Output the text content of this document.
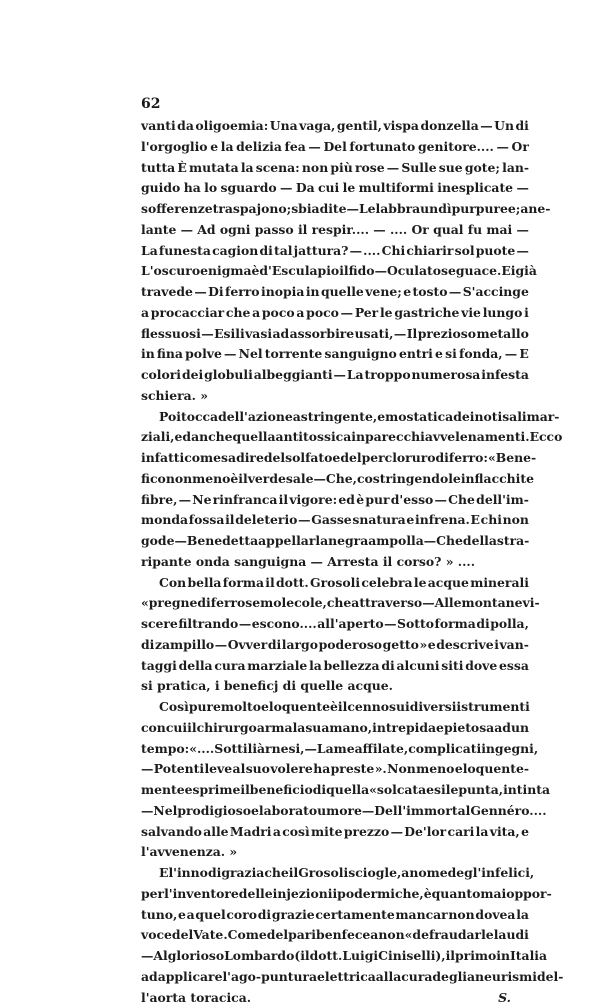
62
vanti da oligoemia: Una vaga, gentil, vispa donzella — Un di
l'orgoglio e la delizia fea — Del fortunato genitore.... — Or
tutta È mutata la scena: non più rose — Sulle sue gote; lan-
guido ha lo sguardo — Da cui le multiformi inesplicate —
sofferenze traspajono; sbiadite — Le labbra un dì purpuree; ane-
lante — Ad ogni passo il respir.... — .... Or qual fu mai —
La funesta cagion di tal jattura? — .... Chi chiarir sol puote —
L'oscuro enigma è d'Esculapio il fido — Oculato seguace. Ei già
travede — Di ferro inopia in quelle vene; e tosto — S'accinge
a procacciar che a poco a poco — Per le gastriche vie lungo i
flessuosi — Esili vasi ad assorbire usati, — Il prezioso metallo
in fina polve — Nel torrente sanguigno entri e si fonda, — E
colori dei globuli albeggianti — La troppo numerosa infesta
schiera. »
Poi tocca dell'azione astringente, emostatica dei noti sali mar-
ziali, ed anche quella antitossica in parecchi avvelenamenti. Ecco
infatti come sa dire del solfato e del percloruro di ferro: « Bene-
fico non meno è il verde sale — Che, costringendo le inflacchite
fibre, — Ne rinfranca il vigore: ed è pur d'esso — Che dell'im-
monda fossa il deleterio — Gasse snatura e infrena. E chi non
gode — Benedetta appellar la negra ampolla — Che della stra-
ripante onda sanguigna — Arresta il corso? » ....
Con bella forma il dott. Grosoli celebra le acque minerali
« pregne di ferrose molecole, che attraverso — Alle montane vi-
scere filtrando — escono.... all'aperto — Sotto forma di polla,
di zampillo — Ovver di largo poderoso getto » e descrive i van-
taggi della cura marziale la bellezza di alcuni siti dove essa
si pratica, i beneficj di quelle acque.
Così pure molto eloquente è il cenno sui diversi istrumenti
con cui il chirurgo arma la sua mano, intrepida e pietosa ad un
tempo: « .... Sottili àrnesi, — Lame affilate, complicati ingegni,
— Potenti leve al suo volere ha preste ». Non meno eloquente-
mente esprime il beneficio di quella « solcata esile punta, intinta
— Nel prodigioso elaborato umore — Dell'immortal Gennéro....
salvando alle Madri a così mite prezzo — De'lor cari la vita, e
l'avvenenza. »
E l'inno di grazia che il Grosoli sciogle, a nome degl'infelici,
per l'inventore delle injezioni ipodermiche, è quanto mai oppor-
tuno, e a quel coro di grazie certamente mancar non dovea la
voce del Vate. Come del pari ben fece a non « defraudar le laudi
— Al glorioso Lombardo (il dott. Luigi Ciniselli), il primo in Italia
ad applicare l'ago-puntura elettrica alla cura degli aneurismi del-
l'aorta toracica.	S.
